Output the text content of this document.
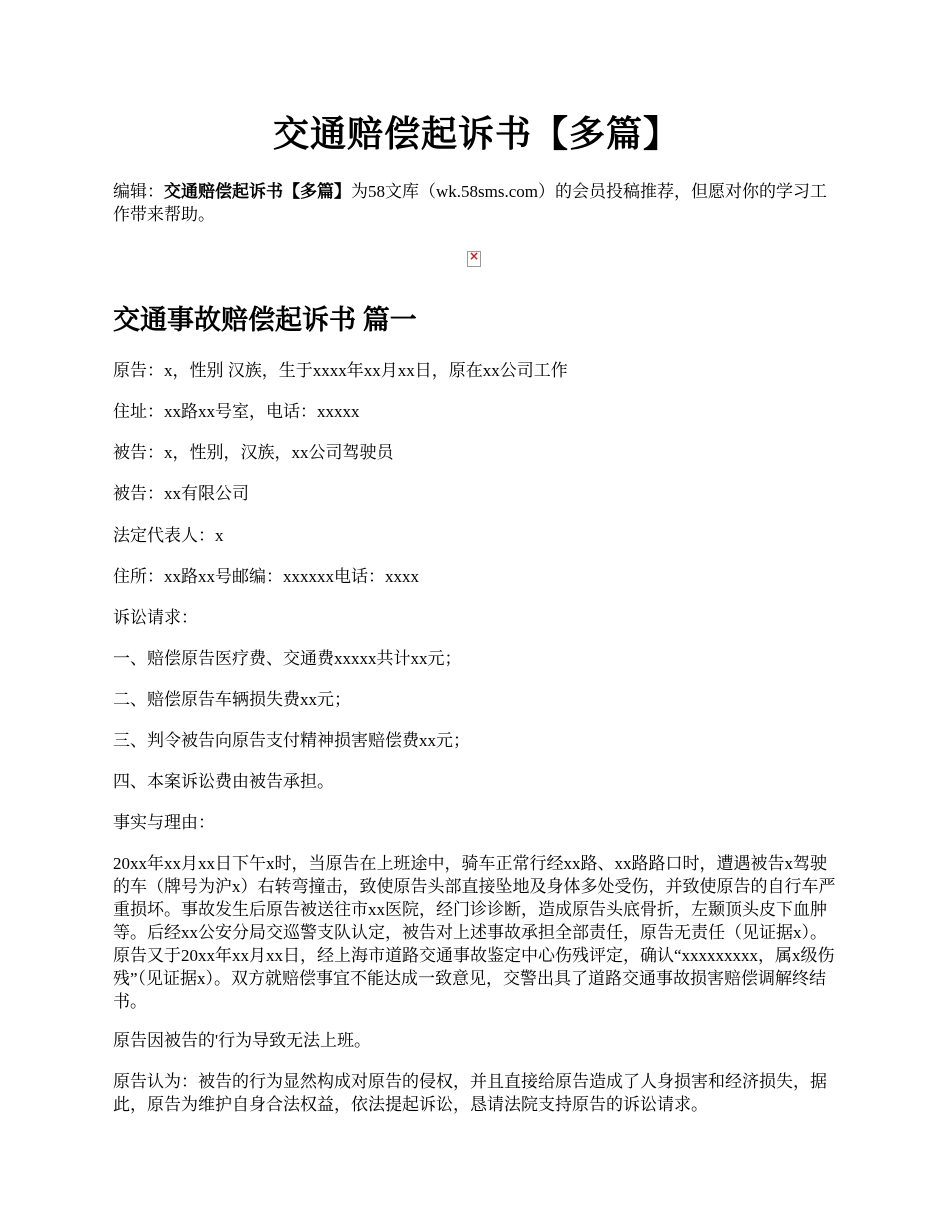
交通赔偿起诉书【多篇】
编辑：交通赔偿起诉书【多篇】为58文库（wk.58sms.com）的会员投稿推荐，但愿对你的学习工作带来帮助。
×
交通事故赔偿起诉书 篇一
原告：x，性别 汉族，生于xxxx年xx月xx日，原在xx公司工作
住址：xx路xx号室，电话：xxxxx
被告：x，性别，汉族，xx公司驾驶员
被告：xx有限公司
法定代表人：x
住所：xx路xx号邮编：xxxxxx电话：xxxx
诉讼请求：
一、赔偿原告医疗费、交通费xxxxx共计xx元；
二、赔偿原告车辆损失费xx元；
三、判令被告向原告支付精神损害赔偿费xx元；
四、本案诉讼费由被告承担。
事实与理由：
20xx年xx月xx日下午x时，当原告在上班途中，骑车正常行经xx路、xx路路口时，遭遇被告x驾驶的车（牌号为沪x）右转弯撞击，致使原告头部直接坠地及身体多处受伤，并致使原告的自行车严重损坏。事故发生后原告被送往市xx医院，经门诊诊断，造成原告头底骨折，左颞顶头皮下血肿等。后经xx公安分局交巡警支队认定，被告对上述事故承担全部责任，原告无责任（见证据x）。原告又于20xx年xx月xx日，经上海市道路交通事故鉴定中心伤残评定，确认“xxxxxxxxx，属x级伤残”（见证据x）。双方就赔偿事宜不能达成一致意见，交警出具了道路交通事故损害赔偿调解终结书。
原告因被告的'行为导致无法上班。
原告认为：被告的行为显然构成对原告的侵权，并且直接给原告造成了人身损害和经济损失，据此，原告为维护自身合法权益，依法提起诉讼，恳请法院支持原告的诉讼请求。
